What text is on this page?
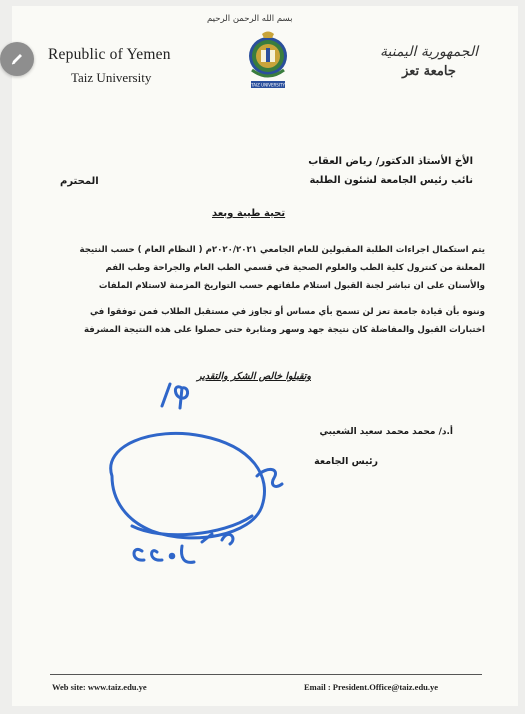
بسم الله الرحمن الرحيم
Republic of Yemen
Taiz University	TAIZ UNIVERSITY
الجمهورية اليمنية
جامعة تعز
الأخ الأستاذ الدكتور/ رياض العقاب
نائب رئيس الجامعة لشئون الطلبة
المحترم
تحية طيبة وبعد
يتم استكمال اجراءات الطلبة المقبولين للعام الجامعي ٢٠٢٠/٢٠٢١م ( النظام العام ) حسب النتيجة
المعلنة من كنترول كلية الطب والعلوم الصحية في قسمي الطب العام والجراحة وطب الفم
والأسنان على ان تباشر لجنة القبول استلام ملفاتهم حسب التواريخ المزمنة لاستلام الملفات
وننوه بأن قيادة جامعة تعز لن تسمح بأي مساس أو تجاوز في مستقبل الطلاب فمن توفقوا في
اختبارات القبول والمفاضلة كان نتيجة جهد وسهر ومثابرة حتى حصلوا على هذه النتيجة المشرفة
وتقبلوا خالص الشكر والتقدير
أ.د/ محمد محمد سعيد الشعيبي
رئيس الجامعة
Web site: www.taiz.edu.ye	Email : President.Office@taiz.edu.ye
